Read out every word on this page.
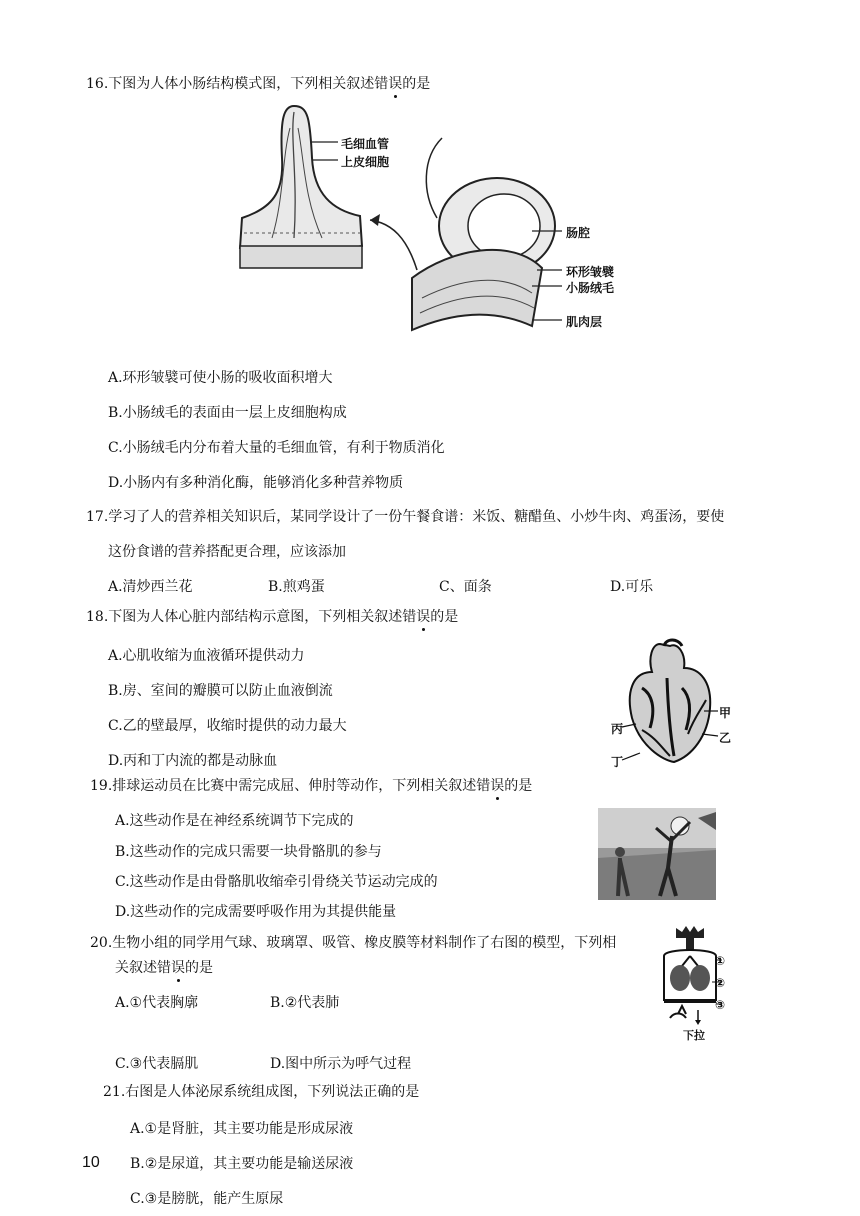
16.下图为人体小肠结构模式图，下列相关叙述错误的是
毛细血管
上皮细胞
肠腔
环形皱襞
小肠绒毛
肌肉层
A.环形皱襞可使小肠的吸收面积增大
B.小肠绒毛的表面由一层上皮细胞构成
C.小肠绒毛内分布着大量的毛细血管，有利于物质消化
D.小肠内有多种消化酶，能够消化多种营养物质
17.学习了人的营养相关知识后，某同学设计了一份午餐食谱：米饭、糖醋鱼、小炒牛肉、鸡蛋汤，要使
这份食谱的营养搭配更合理，应该添加
A.清炒西兰花	B.煎鸡蛋	C、面条	D.可乐
18.下图为人体心脏内部结构示意图，下列相关叙述错误的是
A.心肌收缩为血液循环提供动力
B.房、室间的瓣膜可以防止血液倒流
C.乙的壁最厚，收缩时提供的动力最大
D.丙和丁内流的都是动脉血
甲
乙
丙
丁
19.排球运动员在比赛中需完成屈、伸肘等动作，下列相关叙述错误的是
A.这些动作是在神经系统调节下完成的
B.这些动作的完成只需要一块骨骼肌的参与
C.这些动作是由骨骼肌收缩牵引骨绕关节运动完成的
D.这些动作的完成需要呼吸作用为其提供能量
20.生物小组的同学用气球、玻璃罩、吸管、橡皮膜等材料制作了右图的模型，下列相
关叙述错误的是
A.①代表胸廓	B.②代表肺
C.③代表膈肌	D.图中所示为呼气过程
①
②
③
下拉
21.右图是人体泌尿系统组成图，下列说法正确的是
A.①是肾脏，其主要功能是形成尿液
B.②是尿道，其主要功能是输送尿液
C.③是膀胱，能产生原尿
10
